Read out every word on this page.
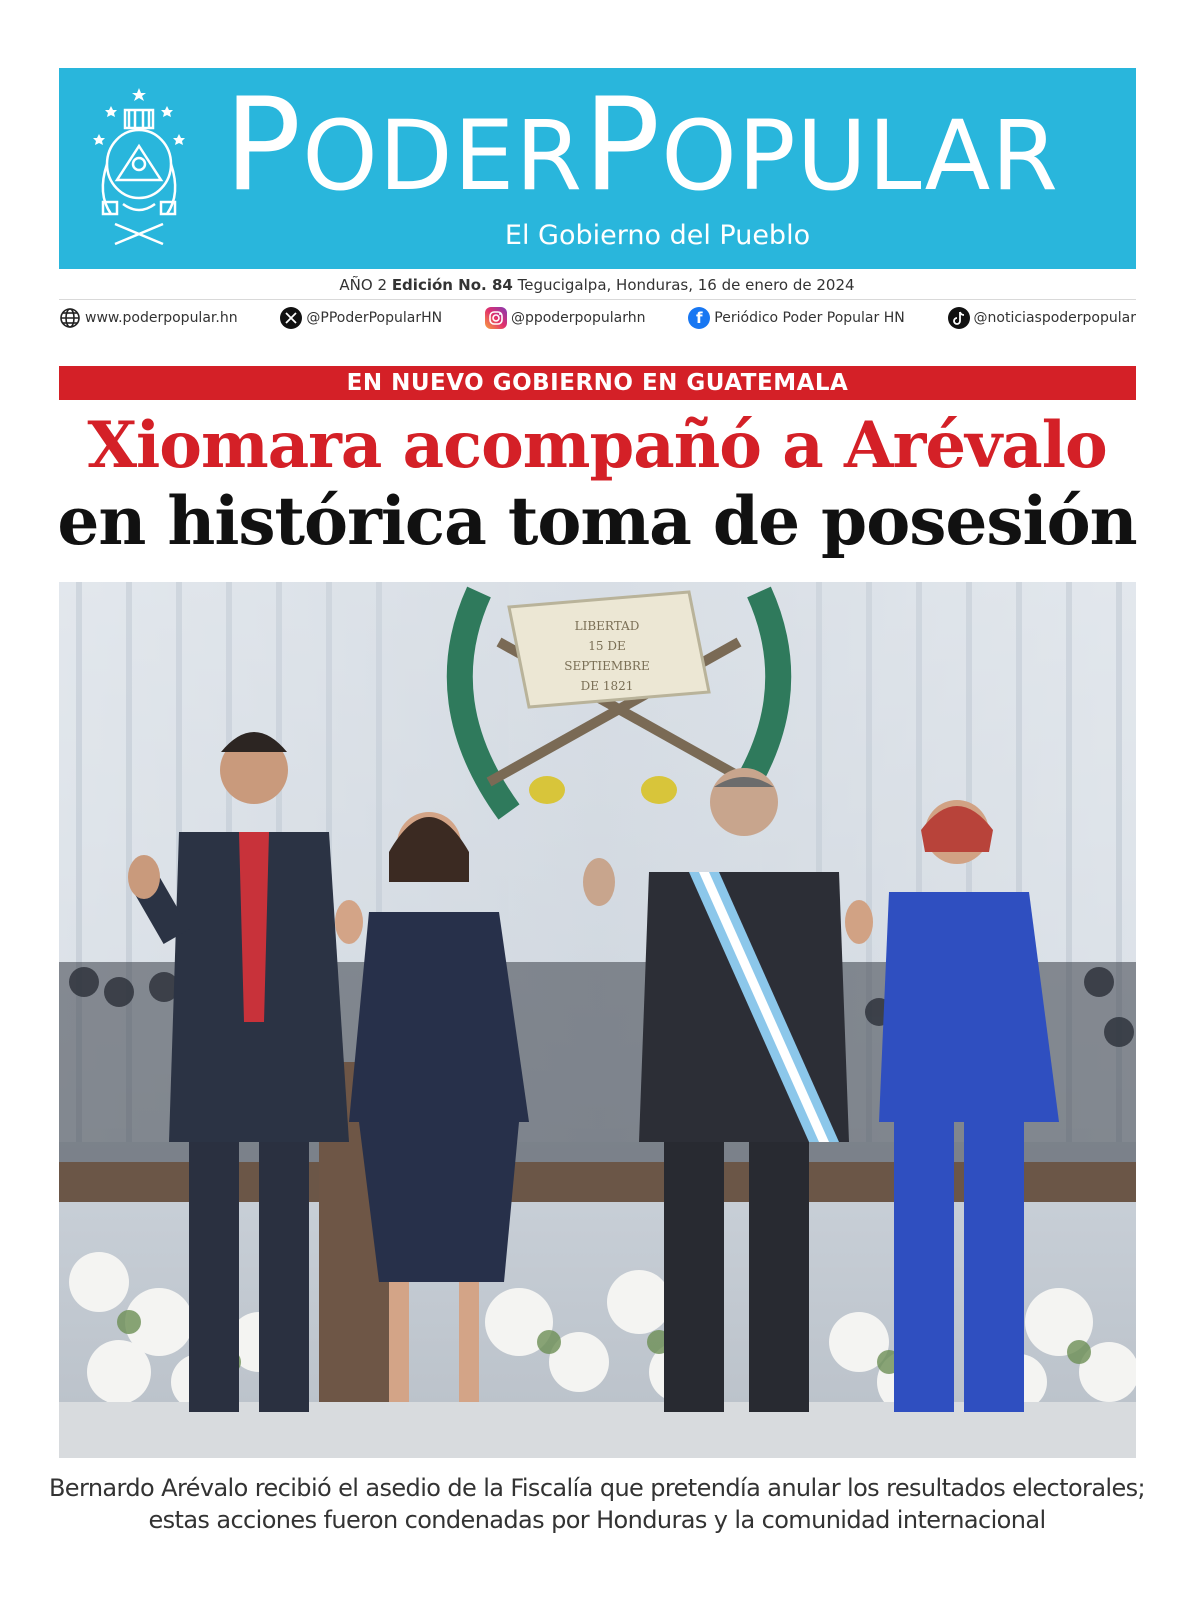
PODERPOPULAR
El Gobierno del Pueblo
AÑO 2 Edición No. 84 Tegucigalpa, Honduras, 16 de enero de 2024
www.poderpopular.hn	@PPoderPopularHN	@ppoderpopularhn	f Periódico Poder Popular HN	@noticiaspoderpopular
EN NUEVO GOBIERNO EN GUATEMALA
Xiomara acompañó a Arévalo
en histórica toma de posesión
LIBERTAD
15 DE
SEPTIEMBRE
DE 1821
Bernardo Arévalo recibió el asedio de la Fiscalía que pretendía anular los resultados electorales;
estas acciones fueron condenadas por Honduras y la comunidad internacional
